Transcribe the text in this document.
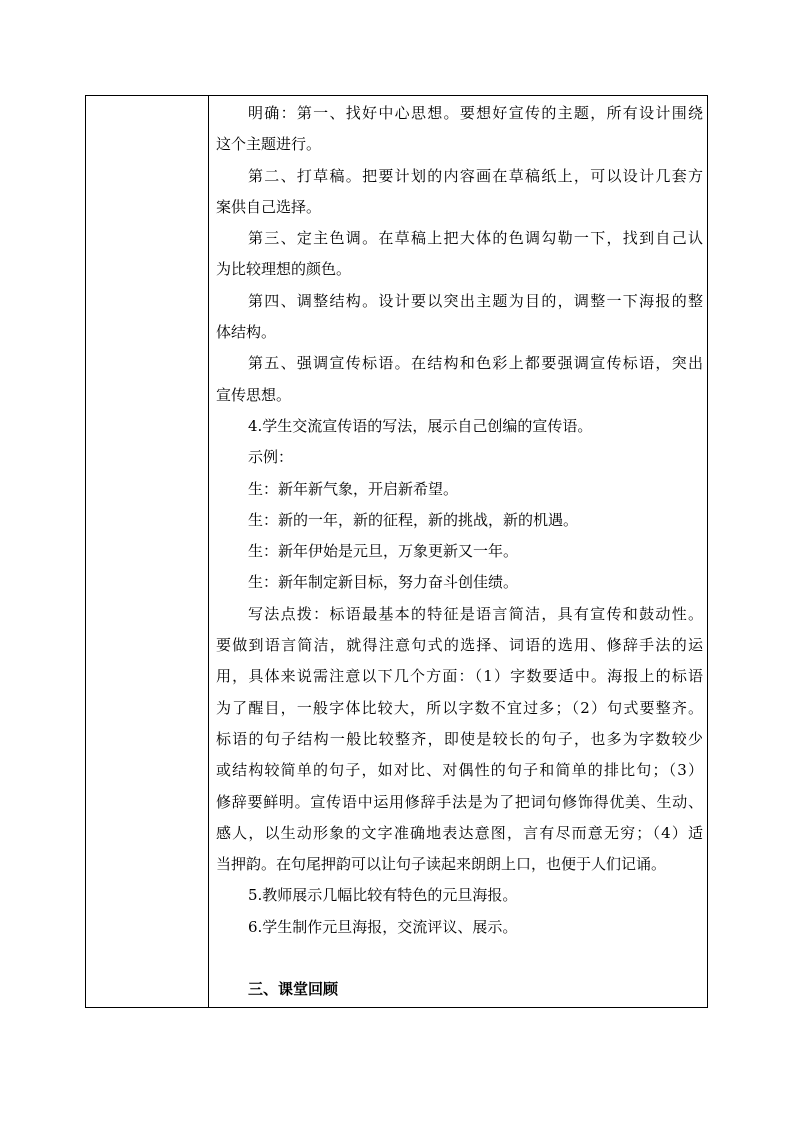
明确：第一、找好中心思想。要想好宣传的主题，所有设计围绕
这个主题进行。
第二、打草稿。把要计划的内容画在草稿纸上，可以设计几套方
案供自己选择。
第三、定主色调。在草稿上把大体的色调勾勒一下，找到自己认
为比较理想的颜色。
第四、调整结构。设计要以突出主题为目的，调整一下海报的整
体结构。
第五、强调宣传标语。在结构和色彩上都要强调宣传标语，突出
宣传思想。
4.学生交流宣传语的写法，展示自己创编的宣传语。
示例：
生：新年新气象，开启新希望。
生：新的一年，新的征程，新的挑战，新的机遇。
生：新年伊始是元旦，万象更新又一年。
生：新年制定新目标，努力奋斗创佳绩。
写法点拨：标语最基本的特征是语言简洁，具有宣传和鼓动性。
要做到语言简洁，就得注意句式的选择、词语的选用、修辞手法的运
用，具体来说需注意以下几个方面：（1）字数要适中。海报上的标语
为了醒目，一般字体比较大，所以字数不宜过多；（2）句式要整齐。
标语的句子结构一般比较整齐，即使是较长的句子，也多为字数较少
或结构较简单的句子，如对比、对偶性的句子和简单的排比句；（3）
修辞要鲜明。宣传语中运用修辞手法是为了把词句修饰得优美、生动、
感人，以生动形象的文字准确地表达意图，言有尽而意无穷；（4）适
当押韵。在句尾押韵可以让句子读起来朗朗上口，也便于人们记诵。
5.教师展示几幅比较有特色的元旦海报。
6.学生制作元旦海报，交流评议、展示。
三、课堂回顾
